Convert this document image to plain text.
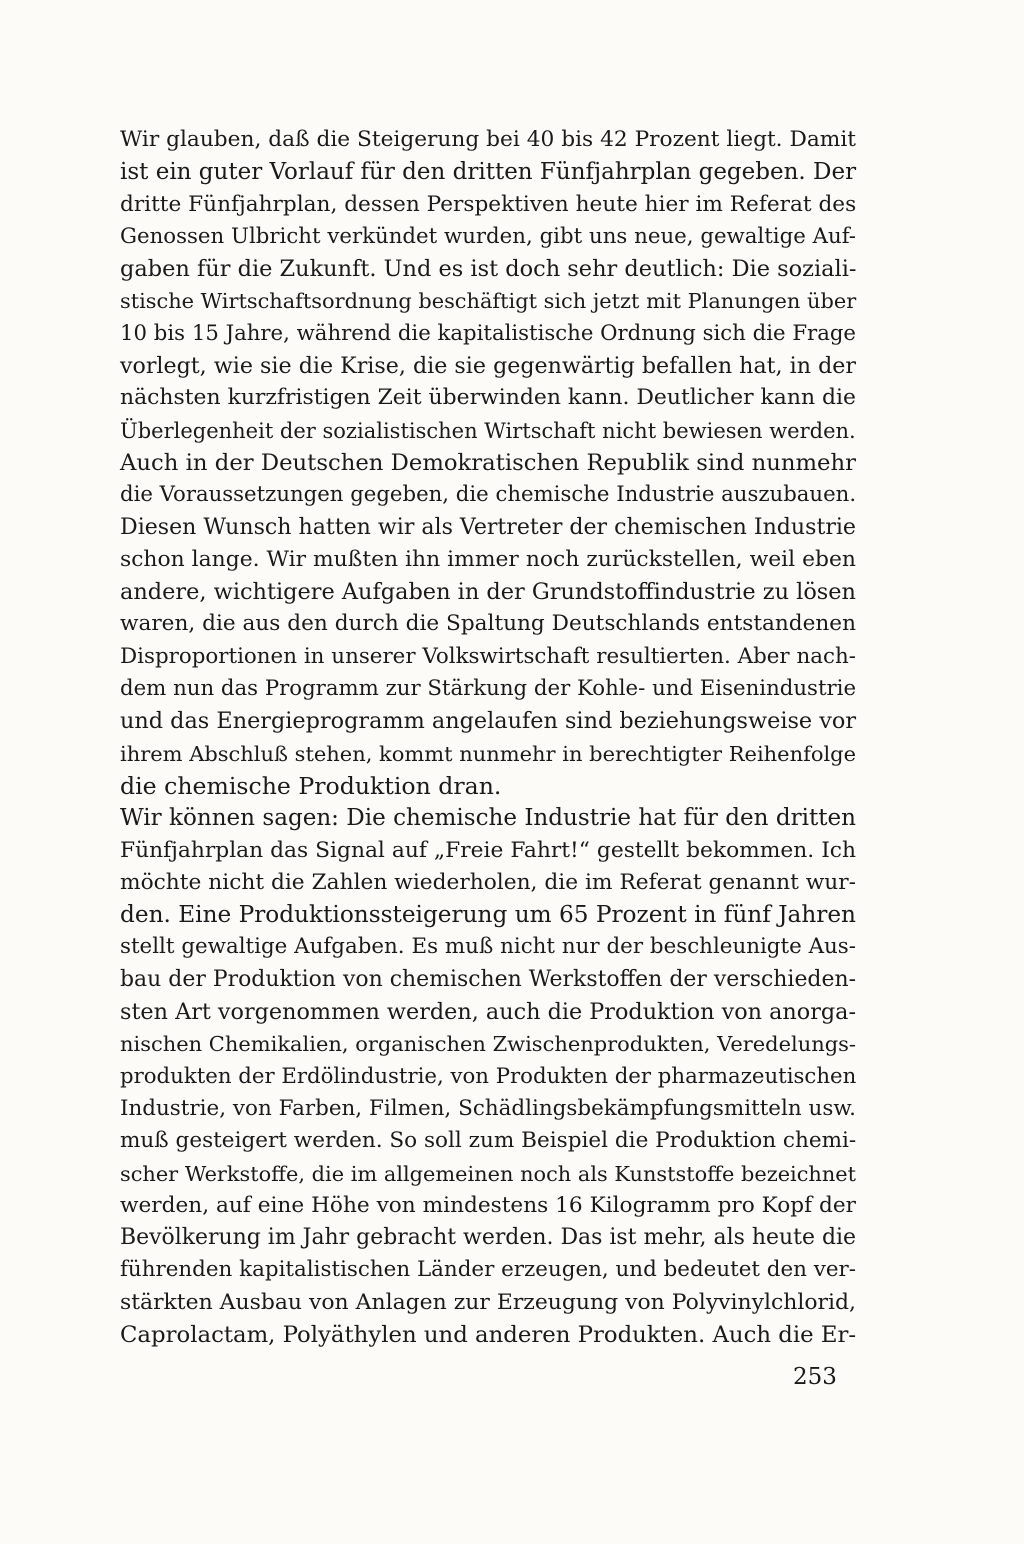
Wir glauben, daß die Steigerung bei 40 bis 42 Prozent liegt. Damit
ist ein guter Vorlauf für den dritten Fünfjahrplan gegeben. Der
dritte Fünfjahrplan, dessen Perspektiven heute hier im Referat des
Genossen Ulbricht verkündet wurden, gibt uns neue, gewaltige Auf-
gaben für die Zukunft. Und es ist doch sehr deutlich: Die soziali-
stische Wirtschaftsordnung beschäftigt sich jetzt mit Planungen über
10 bis 15 Jahre, während die kapitalistische Ordnung sich die Frage
vorlegt, wie sie die Krise, die sie gegenwärtig befallen hat, in der
nächsten kurzfristigen Zeit überwinden kann. Deutlicher kann die
Überlegenheit der sozialistischen Wirtschaft nicht bewiesen werden.
Auch in der Deutschen Demokratischen Republik sind nunmehr
die Voraussetzungen gegeben, die chemische Industrie auszubauen.
Diesen Wunsch hatten wir als Vertreter der chemischen Industrie
schon lange. Wir mußten ihn immer noch zurückstellen, weil eben
andere, wichtigere Aufgaben in der Grundstoffindustrie zu lösen
waren, die aus den durch die Spaltung Deutschlands entstandenen
Disproportionen in unserer Volkswirtschaft resultierten. Aber nach-
dem nun das Programm zur Stärkung der Kohle- und Eisenindustrie
und das Energieprogramm angelaufen sind beziehungsweise vor
ihrem Abschluß stehen, kommt nunmehr in berechtigter Reihenfolge
die chemische Produktion dran.
Wir können sagen: Die chemische Industrie hat für den dritten
Fünfjahrplan das Signal auf „Freie Fahrt!“ gestellt bekommen. Ich
möchte nicht die Zahlen wiederholen, die im Referat genannt wur-
den. Eine Produktionssteigerung um 65 Prozent in fünf Jahren
stellt gewaltige Aufgaben. Es muß nicht nur der beschleunigte Aus-
bau der Produktion von chemischen Werkstoffen der verschieden-
sten Art vorgenommen werden, auch die Produktion von anorga-
nischen Chemikalien, organischen Zwischenprodukten, Veredelungs-
produkten der Erdölindustrie, von Produkten der pharmazeutischen
Industrie, von Farben, Filmen, Schädlingsbekämpfungsmitteln usw.
muß gesteigert werden. So soll zum Beispiel die Produktion chemi-
scher Werkstoffe, die im allgemeinen noch als Kunststoffe bezeichnet
werden, auf eine Höhe von mindestens 16 Kilogramm pro Kopf der
Bevölkerung im Jahr gebracht werden. Das ist mehr, als heute die
führenden kapitalistischen Länder erzeugen, und bedeutet den ver-
stärkten Ausbau von Anlagen zur Erzeugung von Polyvinylchlorid,
Caprolactam, Polyäthylen und anderen Produkten. Auch die Er-
253
